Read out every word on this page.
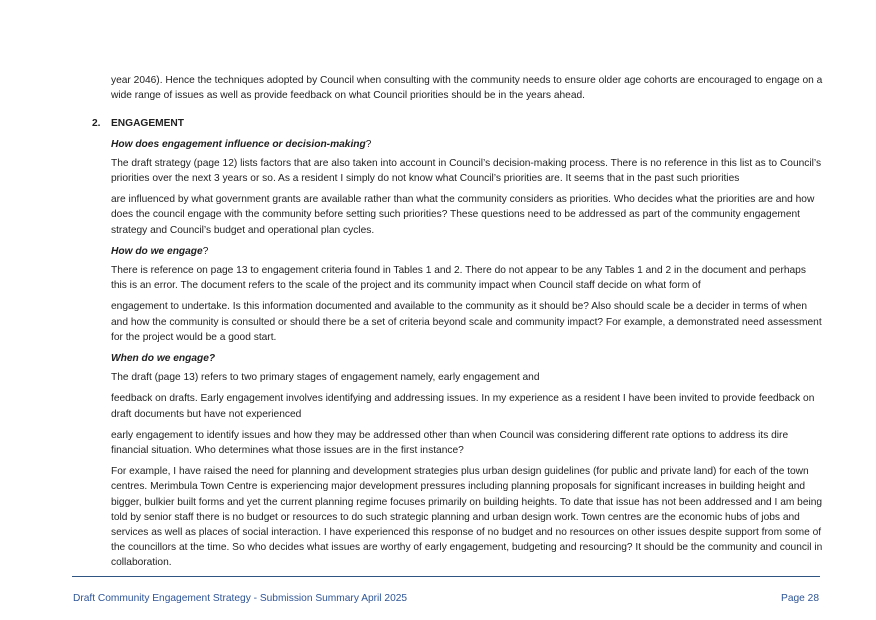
year 2046). Hence the techniques adopted by Council when consulting with the community needs to ensure older age cohorts are encouraged to engage on a wide range of issues as well as provide feedback on what Council priorities should be in the years ahead.

2. ENGAGEMENT

How does engagement influence or decision-making?

The draft strategy (page 12) lists factors that are also taken into account in Council’s decision-making process. There is no reference in this list as to Council’s priorities over the next 3 years or so. As a resident I simply do not know what Council’s priorities are. It seems that in the past such priorities

are influenced by what government grants are available rather than what the community considers as priorities. Who decides what the priorities are and how does the council engage with the community before setting such priorities? These questions need to be addressed as part of the community engagement strategy and Council’s budget and operational plan cycles.

How do we engage?

There is reference on page 13 to engagement criteria found in Tables 1 and 2. There do not appear to be any Tables 1 and 2 in the document and perhaps this is an error. The document refers to the scale of the project and its community impact when Council staff decide on what form of

engagement to undertake. Is this information documented and available to the community as it should be? Also should scale be a decider in terms of when and how the community is consulted or should there be a set of criteria beyond scale and community impact? For example, a demonstrated need assessment for the project would be a good start.

When do we engage?

The draft (page 13) refers to two primary stages of engagement namely, early engagement and

feedback on drafts. Early engagement involves identifying and addressing issues. In my experience as a resident I have been invited to provide feedback on draft documents but have not experienced

early engagement to identify issues and how they may be addressed other than when Council was considering different rate options to address its dire financial situation. Who determines what those issues are in the first instance?

For example, I have raised the need for planning and development strategies plus urban design guidelines (for public and private land) for each of the town centres. Merimbula Town Centre is experiencing major development pressures including planning proposals for significant increases in building height and bigger, bulkier built forms and yet the current planning regime focuses primarily on building heights. To date that issue has not been addressed and I am being told by senior staff there is no budget or resources to do such strategic planning and urban design work. Town centres are the economic hubs of jobs and services as well as places of social interaction. I have experienced this response of no budget and no resources on other issues despite support from some of the councillors at the time. So who decides what issues are worthy of early engagement, budgeting and resourcing? It should be the community and council in collaboration.

Draft Community Engagement Strategy - Submission Summary April 2025	Page 28
